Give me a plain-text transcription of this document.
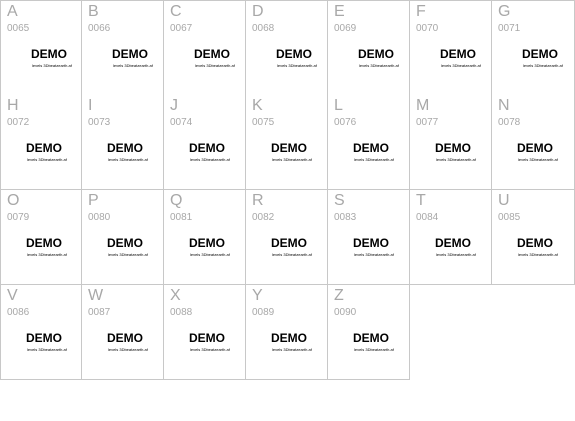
A
0065
DEMO
levels 3Dbeatzearth.af
B
0066
DEMO
levels 3Dbeatzearth.af
C
0067
DEMO
levels 3Dbeatzearth.af
D
0068
DEMO
levels 3Dbeatzearth.af
E
0069
DEMO
levels 3Dbeatzearth.af
F
0070
DEMO
levels 3Dbeatzearth.af
G
0071
DEMO
levels 3Dbeatzearth.af
H
0072
DEMO
levels 3Dbeatzearth.af
I
0073
DEMO
levels 3Dbeatzearth.af
J
0074
DEMO
levels 3Dbeatzearth.af
K
0075
DEMO
levels 3Dbeatzearth.af
L
0076
DEMO
levels 3Dbeatzearth.af
M
0077
DEMO
levels 3Dbeatzearth.af
N
0078
DEMO
levels 3Dbeatzearth.af
O
0079
DEMO
levels 3Dbeatzearth.af
P
0080
DEMO
levels 3Dbeatzearth.af
Q
0081
DEMO
levels 3Dbeatzearth.af
R
0082
DEMO
levels 3Dbeatzearth.af
S
0083
DEMO
levels 3Dbeatzearth.af
T
0084
DEMO
levels 3Dbeatzearth.af
U
0085
DEMO
levels 3Dbeatzearth.af
V
0086
DEMO
levels 3Dbeatzearth.af
W
0087
DEMO
levels 3Dbeatzearth.af
X
0088
DEMO
levels 3Dbeatzearth.af
Y
0089
DEMO
levels 3Dbeatzearth.af
Z
0090
DEMO
levels 3Dbeatzearth.af
